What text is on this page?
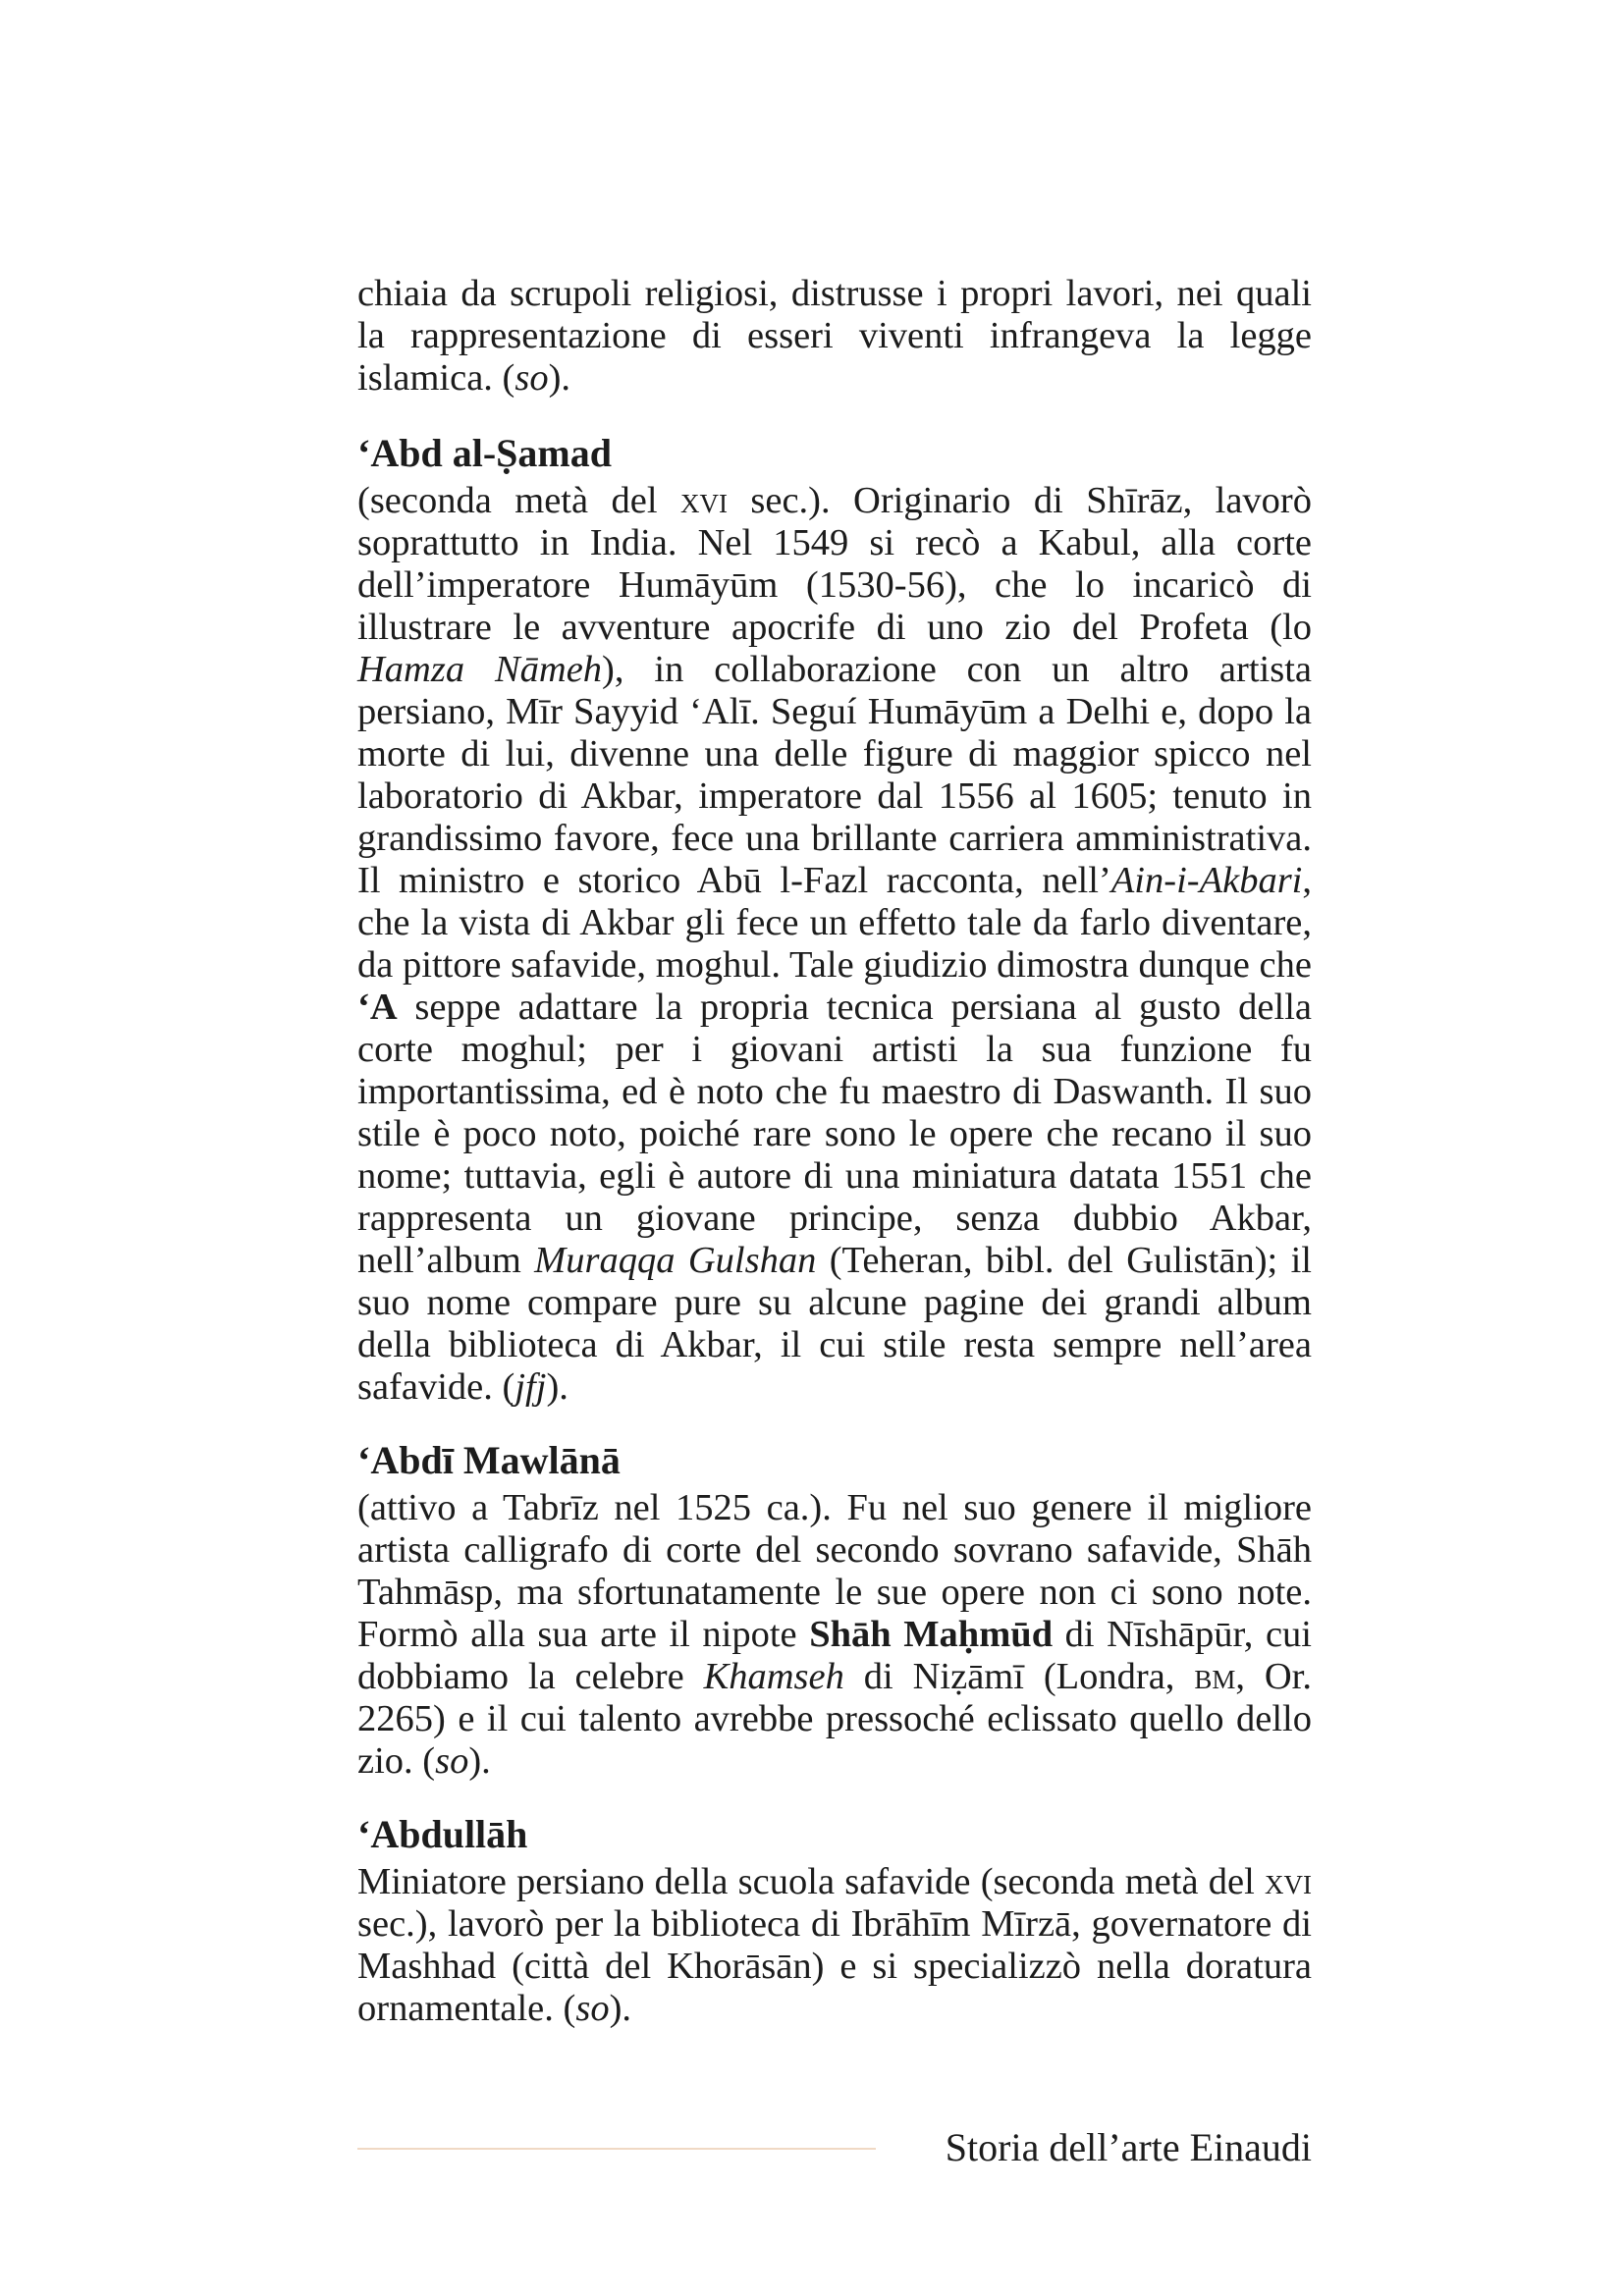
chiaia da scrupoli religiosi, distrusse i propri lavori, nei quali la rappresentazione di esseri viventi infrangeva la legge islamica. (so).

‘Abd al-Ṣamad

(seconda metà del xvi sec.). Originario di Shīrāz, lavorò soprattutto in India. Nel 1549 si recò a Kabul, alla corte dell’imperatore Humāyūm (1530-56), che lo incaricò di illustrare le avventure apocrife di uno zio del Profeta (lo Hamza Nāmeh), in collaborazione con un altro artista persiano, Mīr Sayyid ‘Alī. Seguí Humāyūm a Delhi e, dopo la morte di lui, divenne una delle figure di maggior spicco nel laboratorio di Akbar, imperatore dal 1556 al 1605; tenuto in grandissimo favore, fece una brillante carriera amministrativa. Il ministro e storico Abū l-Fazl racconta, nell’Ain-i-Akbari, che la vista di Akbar gli fece un effetto tale da farlo diventare, da pittore safavide, moghul. Tale giudizio dimostra dunque che ‘A seppe adattare la propria tecnica persiana al gusto della corte moghul; per i giovani artisti la sua funzione fu importantissima, ed è noto che fu maestro di Daswanth. Il suo stile è poco noto, poiché rare sono le opere che recano il suo nome; tuttavia, egli è autore di una miniatura datata 1551 che rappresenta un giovane principe, senza dubbio Akbar, nell’album Muraqqa Gulshan (Teheran, bibl. del Gulistān); il suo nome compare pure su alcune pagine dei grandi album della biblioteca di Akbar, il cui stile resta sempre nell’area safavide. (jfj).

‘Abdī Mawlānā

(attivo a Tabrīz nel 1525 ca.). Fu nel suo genere il migliore artista calligrafo di corte del secondo sovrano safavide, Shāh Tahmāsp, ma sfortunatamente le sue opere non ci sono note. Formò alla sua arte il nipote Shāh Maḥmūd di Nīshāpūr, cui dobbiamo la celebre Khamseh di Niẓāmī (Londra, bm, Or. 2265) e il cui talento avrebbe pressoché eclissato quello dello zio. (so).

‘Abdullāh

Miniatore persiano della scuola safavide (seconda metà del xvi sec.), lavorò per la biblioteca di Ibrāhīm Mīrzā, governatore di Mashhad (città del Khorāsān) e si specializzò nella doratura ornamentale. (so).

Storia dell’arte Einaudi
